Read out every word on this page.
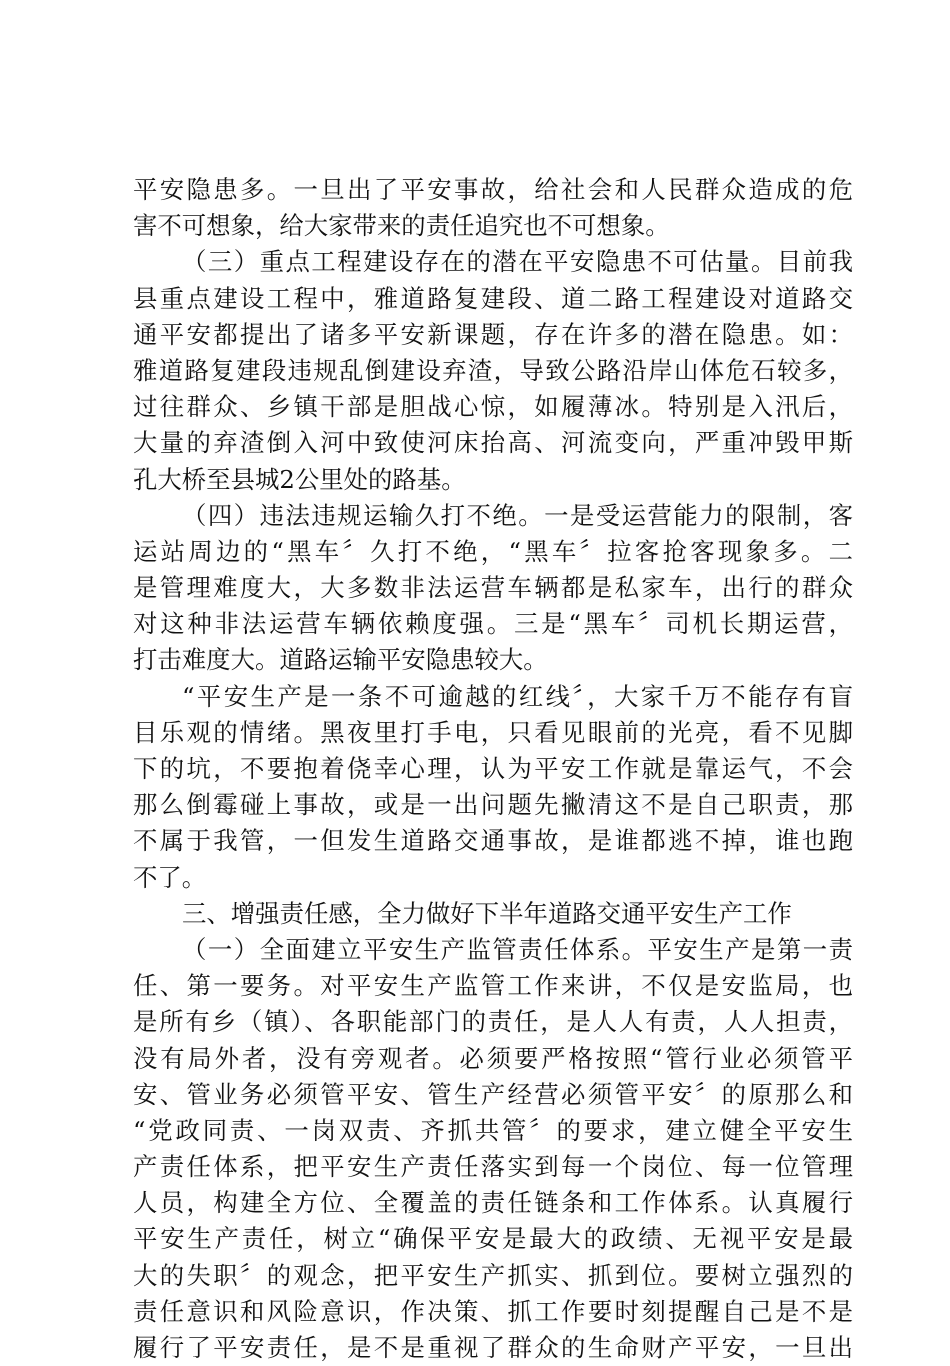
平安隐患多。一旦出了平安事故，给社会和人民群众造成的危
害不可想象，给大家带来的责任追究也不可想象。
（三）重点工程建设存在的潜在平安隐患不可估量。目前我
县重点建设工程中，雅道路复建段、道二路工程建设对道路交
通平安都提出了诸多平安新课题，存在许多的潜在隐患。如：
雅道路复建段违规乱倒建设弃渣，导致公路沿岸山体危石较多，
过往群众、乡镇干部是胆战心惊，如履薄冰。特别是入汛后，
大量的弃渣倒入河中致使河床抬高、河流变向，严重冲毁甲斯
孔大桥至县城2公里处的路基。
（四）违法违规运输久打不绝。一是受运营能力的限制，客
运站周边的“黑车〞久打不绝，“黑车〞拉客抢客现象多。二
是管理难度大，大多数非法运营车辆都是私家车，出行的群众
对这种非法运营车辆依赖度强。三是“黑车〞司机长期运营，
打击难度大。道路运输平安隐患较大。
“平安生产是一条不可逾越的红线〞，大家千万不能存有盲
目乐观的情绪。黑夜里打手电，只看见眼前的光亮，看不见脚
下的坑，不要抱着侥幸心理，认为平安工作就是靠运气，不会
那么倒霉碰上事故，或是一出问题先撇清这不是自己职责，那
不属于我管，一但发生道路交通事故，是谁都逃不掉，谁也跑
不了。
三、增强责任感，全力做好下半年道路交通平安生产工作
（一）全面建立平安生产监管责任体系。平安生产是第一责
任、第一要务。对平安生产监管工作来讲，不仅是安监局，也
是所有乡（镇）、各职能部门的责任，是人人有责，人人担责，
没有局外者，没有旁观者。必须要严格按照“管行业必须管平
安、管业务必须管平安、管生产经营必须管平安〞的原那么和
“党政同责、一岗双责、齐抓共管〞的要求，建立健全平安生
产责任体系，把平安生产责任落实到每一个岗位、每一位管理
人员，构建全方位、全覆盖的责任链条和工作体系。认真履行
平安生产责任，树立“确保平安是最大的政绩、无视平安是最
大的失职〞的观念，把平安生产抓实、抓到位。要树立强烈的
责任意识和风险意识，作决策、抓工作要时刻提醒自己是不是
履行了平安责任，是不是重视了群众的生命财产平安，一旦出
